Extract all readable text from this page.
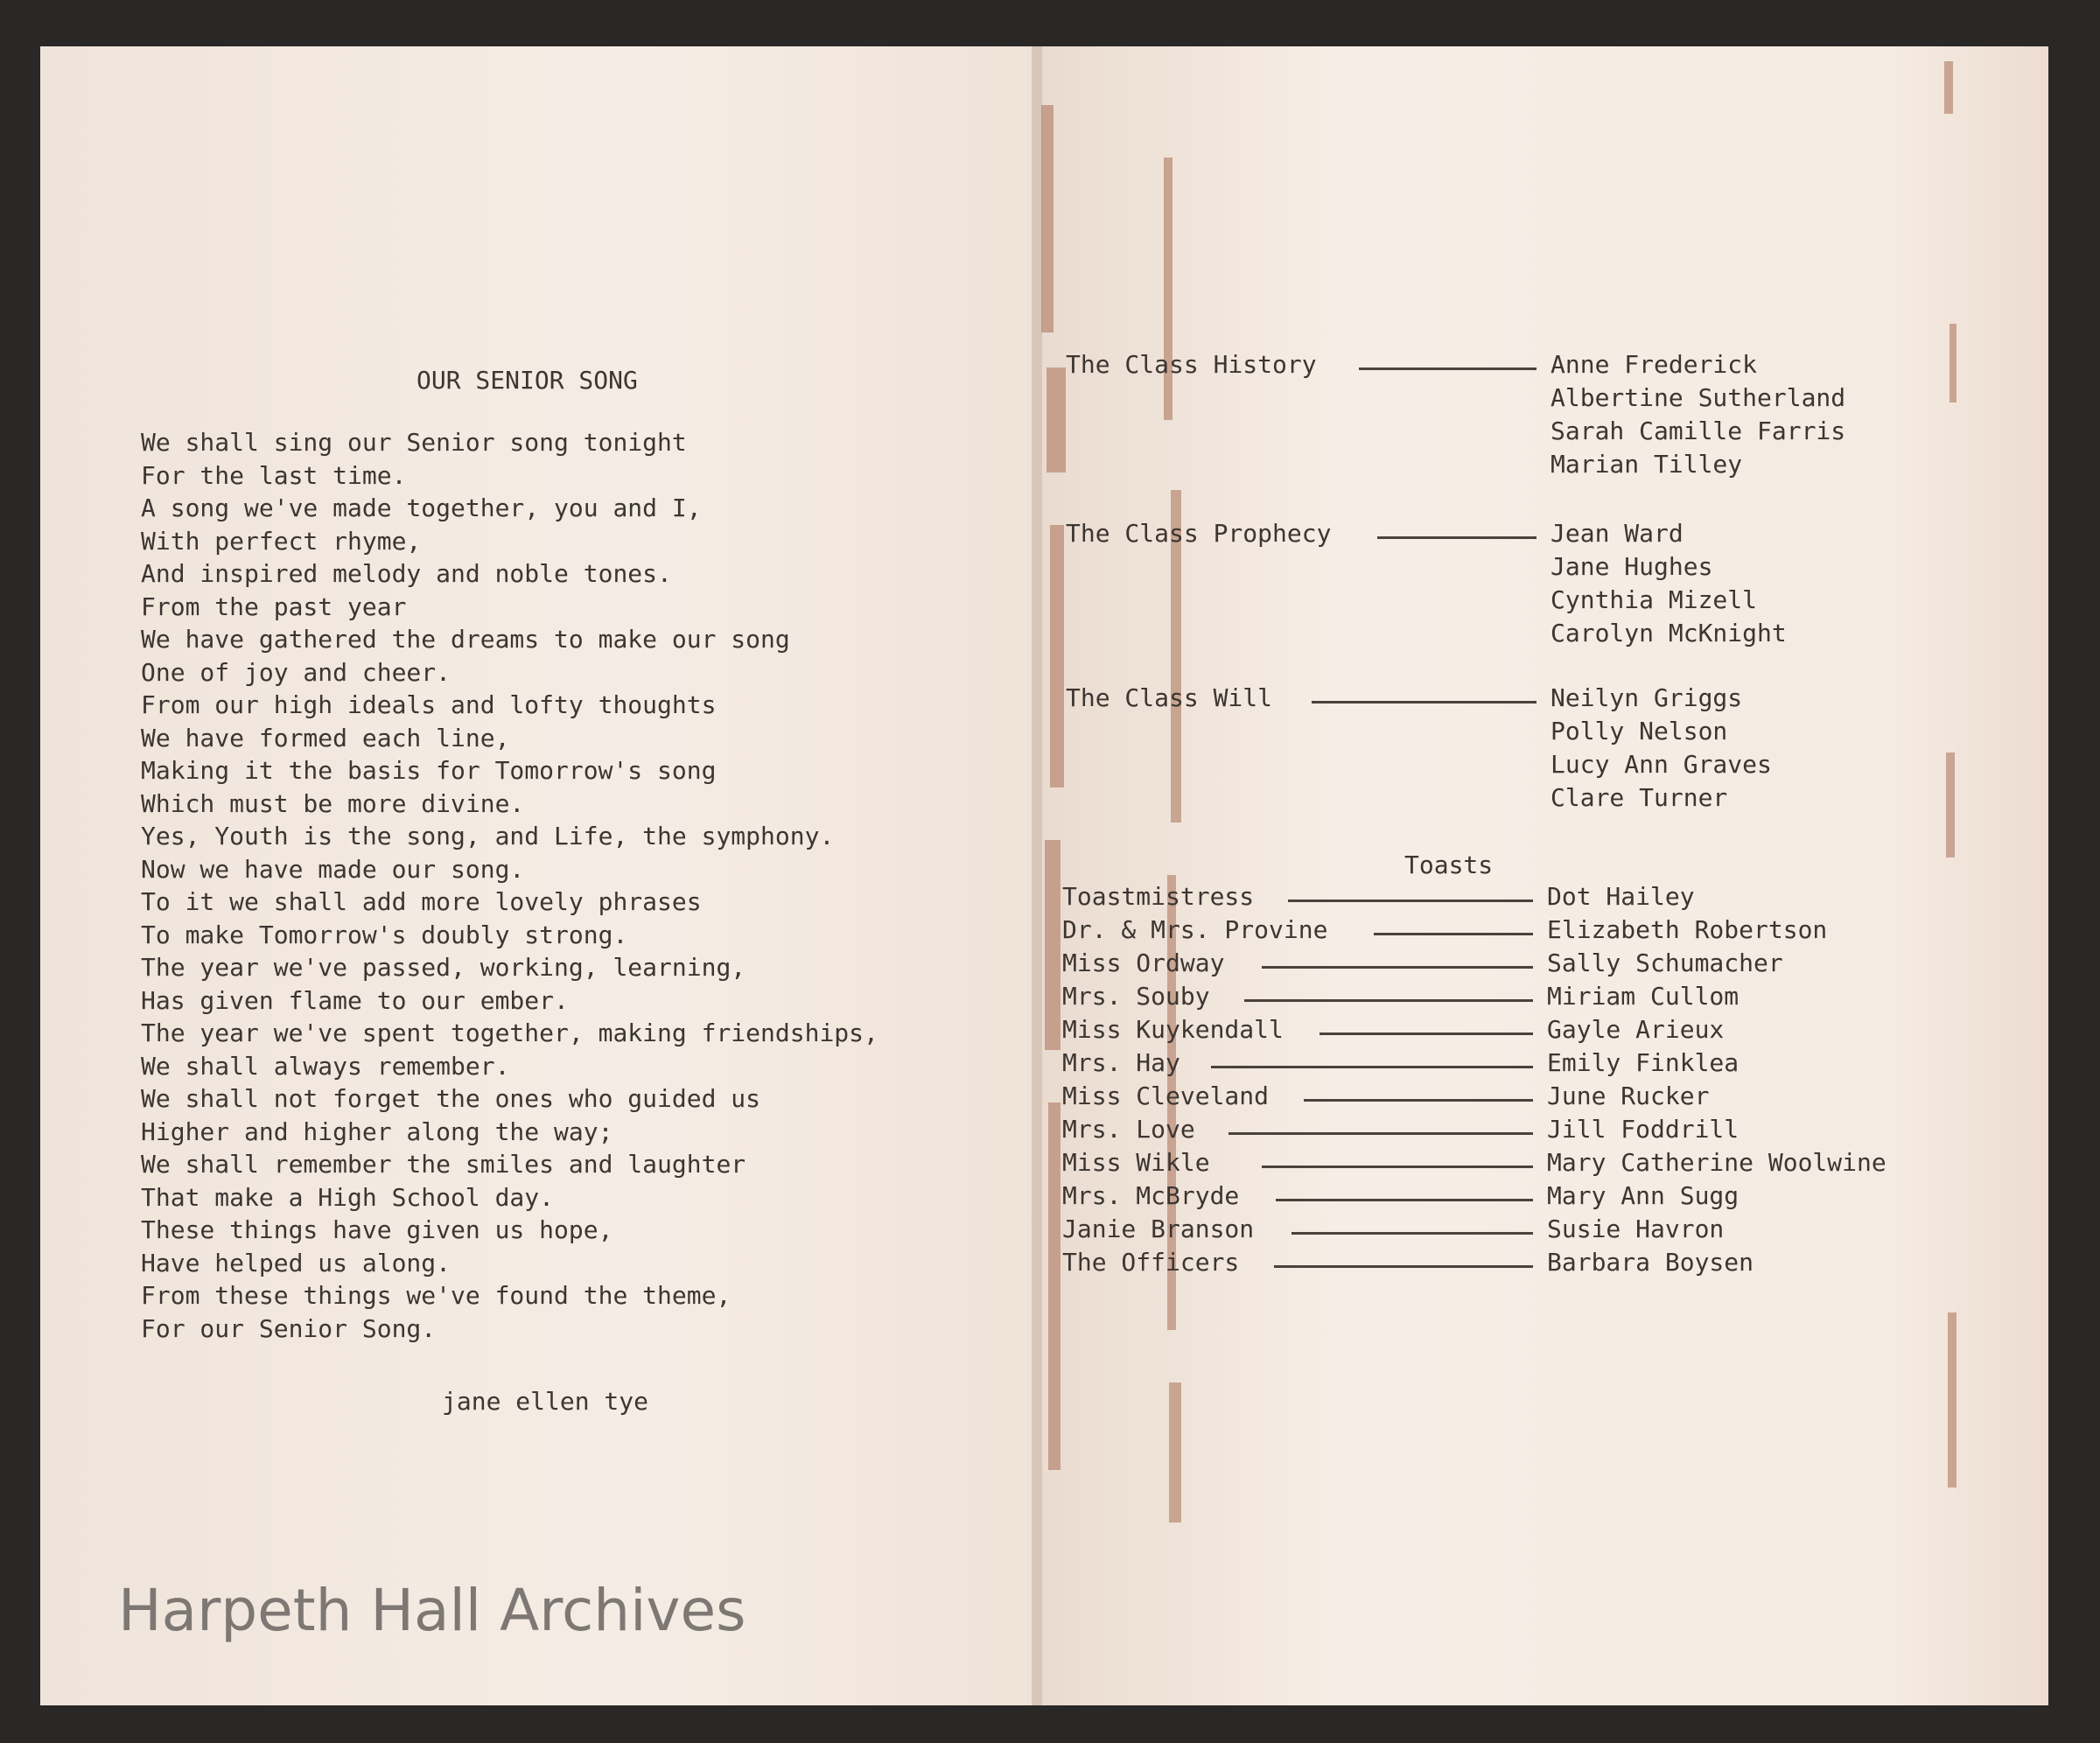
OUR SENIOR SONG
We shall sing our Senior song tonight
For the last time.
A song we've made together, you and I,
With perfect rhyme,
And inspired melody and noble tones.
From the past year
We have gathered the dreams to make our song
One of joy and cheer.
From our high ideals and lofty thoughts
We have formed each line,
Making it the basis for Tomorrow's song
Which must be more divine.
Yes, Youth is the song, and Life, the symphony.
Now we have made our song.
To it we shall add more lovely phrases
To make Tomorrow's doubly strong.
The year we've passed, working, learning,
Has given flame to our ember.
The year we've spent together, making friendships,
We shall always remember.
We shall not forget the ones who guided us
Higher and higher along the way;
We shall remember the smiles and laughter
That make a High School day.
These things have given us hope,
Have helped us along.
From these things we've found the theme,
For our Senior Song.
jane ellen tye
The Class History	Anne Frederick
Albertine Sutherland
Sarah Camille Farris
Marian Tilley
The Class Prophecy	Jean Ward
Jane Hughes
Cynthia Mizell
Carolyn McKnight
The Class Will	Neilyn Griggs
Polly Nelson
Lucy Ann Graves
Clare Turner
Toasts
Toastmistress	Dot Hailey
Dr. & Mrs. Provine	Elizabeth Robertson
Miss Ordway	Sally Schumacher
Mrs. Souby	Miriam Cullom
Miss Kuykendall	Gayle Arieux
Mrs. Hay	Emily Finklea
Miss Cleveland	June Rucker
Mrs. Love	Jill Foddrill
Miss Wikle	Mary Catherine Woolwine
Mrs. McBryde	Mary Ann Sugg
Janie Branson	Susie Havron
The Officers	Barbara Boysen
Harpeth Hall Archives
